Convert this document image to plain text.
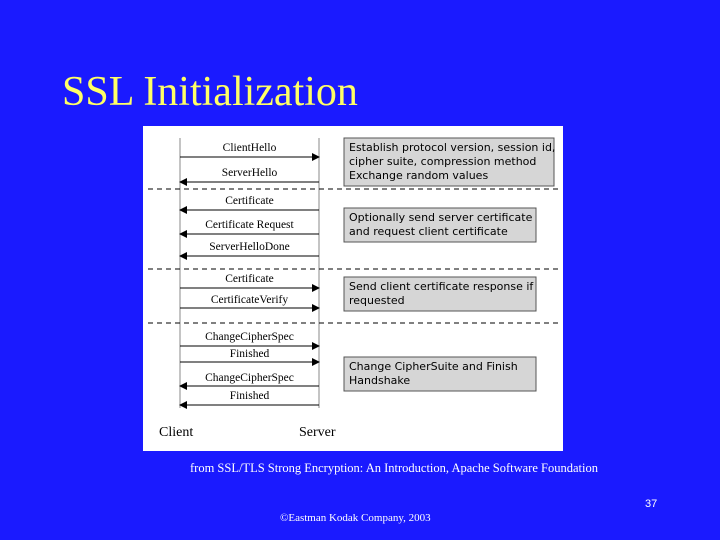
SSL Initialization
ClientHello
ServerHello
Certificate
Certificate Request
ServerHelloDone
Certificate
CertificateVerify
ChangeCipherSpec
Finished
ChangeCipherSpec
Finished
Establish protocol version, session id,
cipher suite, compression method
Exchange random values
Optionally send server certificate
and request client certificate
Send client certificate response if
requested
Change CipherSuite and Finish
Handshake
Client	Server
from SSL/TLS Strong Encryption: An Introduction, Apache Software Foundation
©Eastman Kodak Company, 2003
37
